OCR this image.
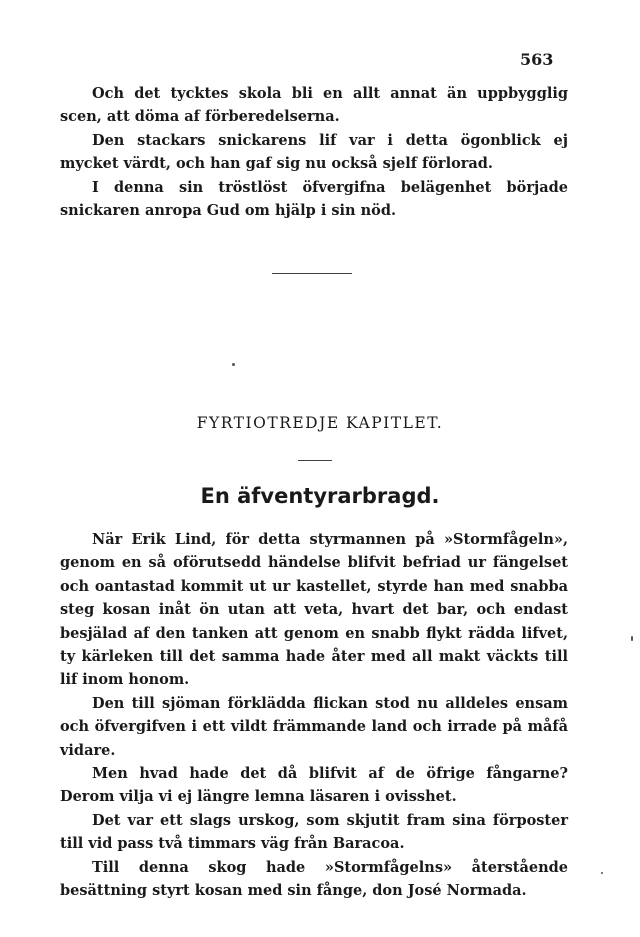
563

Och det tycktes skola bli en allt annat än uppbygglig scen, att döma af förberedelserna.

Den stackars snickarens lif var i detta ögonblick ej mycket värdt, och han gaf sig nu också sjelf förlorad.

I denna sin tröstlöst öfvergifna belägenhet började snickaren anropa Gud om hjälp i sin nöd.

FYRTIOTREDJE KAPITLET.
En äfventyrarbragd.

När Erik Lind, för detta styrmannen på »Stormfågeln», genom en så oförutsedd händelse blifvit befriad ur fängelset och oantastad kommit ut ur kastellet, styrde han med snabba steg kosan inåt ön utan att veta, hvart det bar, och endast besjälad af den tanken att genom en snabb flykt rädda lifvet, ty kärleken till det samma hade åter med all makt väckts till lif inom honom.

Den till sjöman förklädda flickan stod nu alldeles ensam och öfvergifven i ett vildt främmande land och irrade på måfå vidare.

Men hvad hade det då blifvit af de öfrige fångarne? Derom vilja vi ej längre lemna läsaren i ovisshet.

Det var ett slags urskog, som skjutit fram sina förposter till vid pass två timmars väg från Baracoa.

Till denna skog hade »Stormfågelns» återstående besättning styrt kosan med sin fånge, don José Normada.
